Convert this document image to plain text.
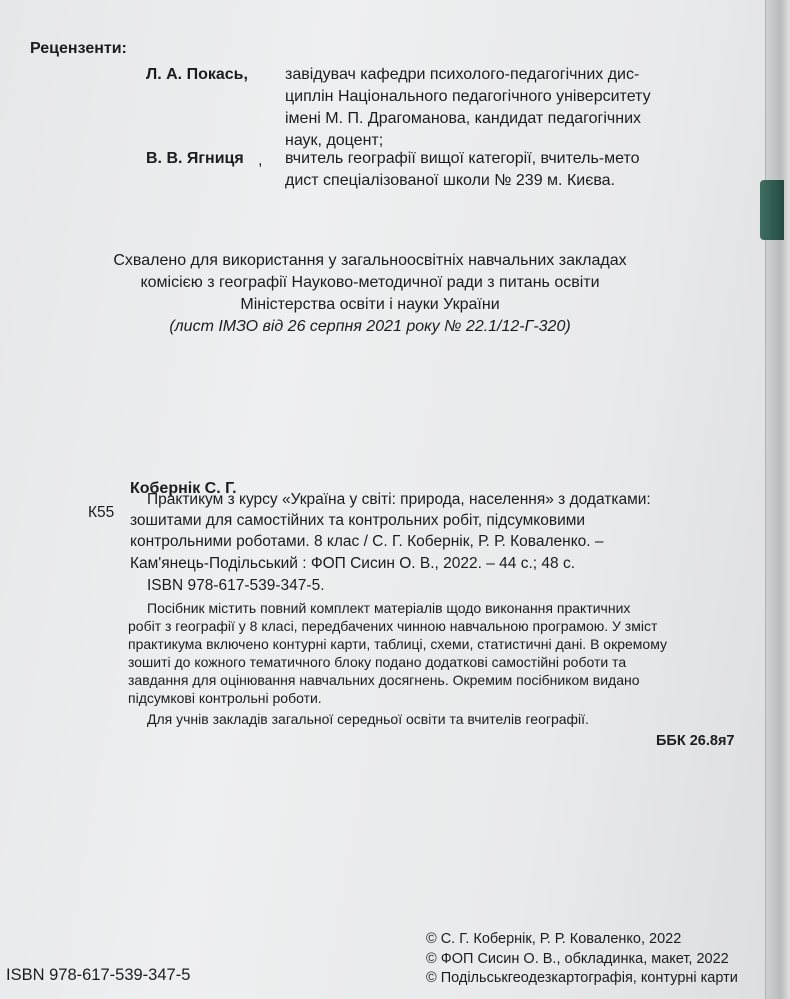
Рецензенти:
Л. А. Покась, завідувач кафедри психолого-педагогічних дис-
циплін Національного педагогічного університету
імені М. П. Драгоманова, кандидат педагогічних
наук, доцент;
В. В. Ягниця , вчитель географії вищої категорії, вчитель-мето
дист спеціалізованої школи № 239 м. Києва.
Схвалено для використання у загальноосвітніх навчальних закладах
комісією з географії Науково-методичної ради з питань освіти
Міністерства освіти і науки України
(лист ІМЗО від 26 серпня 2021 року № 22.1/12-Г-320)
Кобернік С. Г.
К55
Практикум з курсу «Україна у світі: природа, населення» з додатками:
зошитами для самостійних та контрольних робіт, підсумковими
контрольними роботами. 8 клас / С. Г. Кобернік, Р. Р. Коваленко. –
Кам'янець-Подільський : ФОП Сисин О. В., 2022. – 44 с.; 48 с.
ISBN 978-617-539-347-5.
Посібник містить повний комплект матеріалів щодо виконання практичних
робіт з географії у 8 класі, передбачених чинною навчальною програмою. У зміст
практикума включено контурні карти, таблиці, схеми, статистичні дані. В окремому
зошиті до кожного тематичного блоку подано додаткові самостійні роботи та
завдання для оцінювання навчальних досягнень. Окремим посібником видано
підсумкові контрольні роботи.
Для учнів закладів загальної середньої освіти та вчителів географії.
ББК 26.8я7
ISBN 978-617-539-347-5
© С. Г. Кобернік, Р. Р. Коваленко, 2022
© ФОП Сисин О. В., обкладинка, макет, 2022
© Подільськгеодезкартографія, контурні карти
